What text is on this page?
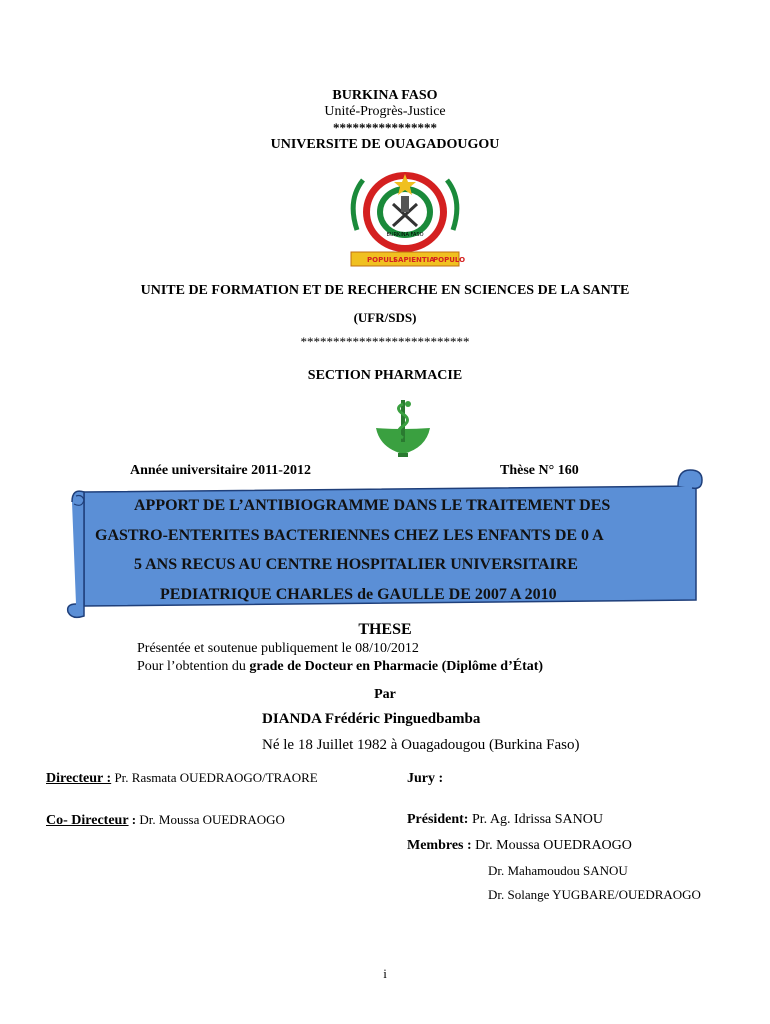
BURKINA FASO
Unité-Progrès-Justice
****************
UNIVERSITE DE OUAGADOUGOU
BURKINA FASO
POPULI
SAPIENTIA
POPULO
UNITE DE FORMATION ET DE RECHERCHE EN SCIENCES DE LA SANTE
(UFR/SDS)
**************************
SECTION PHARMACIE
Année universitaire 2011-2012	Thèse N° 160
APPORT DE L’ANTIBIOGRAMME DANS LE TRAITEMENT DES
GASTRO-ENTERITES BACTERIENNES CHEZ LES ENFANTS DE 0 A
5 ANS RECUS AU CENTRE HOSPITALIER UNIVERSITAIRE
PEDIATRIQUE CHARLES de GAULLE DE 2007 A 2010
THESE
Présentée et soutenue publiquement le 08/10/2012
Pour l’obtention du grade de Docteur en Pharmacie (Diplôme d’État)
Par
DIANDA Frédéric Pinguedbamba
Né le 18 Juillet 1982 à Ouagadougou (Burkina Faso)
Directeur : Pr. Rasmata OUEDRAOGO/TRAORE
Co- Directeur : Dr. Moussa OUEDRAOGO
Jury :
Président: Pr. Ag. Idrissa SANOU
Membres : Dr. Moussa OUEDRAOGO
Dr. Mahamoudou SANOU
Dr. Solange YUGBARE/OUEDRAOGO
i
